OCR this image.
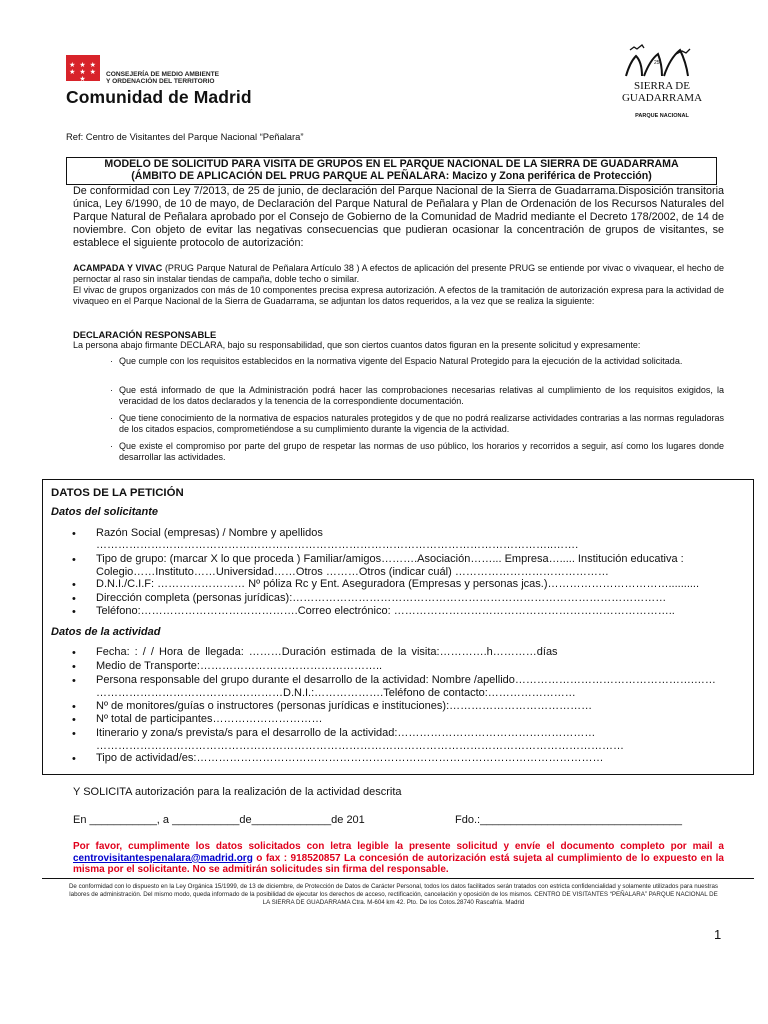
★ ★ ★ ★ ★ ★ ★
CONSEJERÍA DE MEDIO AMBIENTE
Y ORDENACIÓN DEL TERRITORIO
Comunidad de Madrid
25
SIERRA DE
GUADARRAMA
PARQUE NACIONAL
Ref: Centro de Visitantes del Parque Nacional “Peñalara”
MODELO DE SOLICITUD PARA VISITA DE GRUPOS EN EL PARQUE NACIONAL DE LA SIERRA DE GUADARRAMA
(ÁMBITO DE APLICACIÓN DEL PRUG PARQUE AL PEÑALARA: Macizo y Zona periférica de Protección)
De conformidad con Ley 7/2013, de 25 de junio, de declaración del Parque Nacional de la Sierra de Guadarrama.Disposición transitoria única, Ley 6/1990, de 10 de mayo, de Declaración del Parque Natural de Peñalara y Plan de Ordenación de los Recursos Naturales del Parque Natural de Peñalara aprobado por el Consejo de Gobierno de la Comunidad de Madrid mediante el Decreto 178/2002, de 14 de noviembre. Con objeto de evitar las negativas consecuencias que pudieran ocasionar la concentración de grupos de visitantes, se establece el siguiente protocolo de autorización:
ACAMPADA Y VIVAC (PRUG Parque Natural de Peñalara Artículo 38 ) A efectos de aplicación del presente PRUG se entiende por vivac o vivaquear, el hecho de pernoctar al raso sin instalar tiendas de campaña, doble techo o similar.
El vivac de grupos organizados con más de 10 componentes precisa expresa autorización. A efectos de la tramitación de autorización expresa para la actividad de vivaqueo en el Parque Nacional de la Sierra de Guadarrama, se adjuntan los datos requeridos, a la vez que se realiza la siguiente:
DECLARACIÓN RESPONSABLE
La persona abajo firmante DECLARA, bajo su responsabilidad, que son ciertos cuantos datos figuran en la presente solicitud y expresamente:
· Que cumple con los requisitos establecidos en la normativa vigente del Espacio Natural Protegido para la ejecución de la actividad solicitada.
· Que está informado de que la Administración podrá hacer las comprobaciones necesarias relativas al cumplimiento de los requisitos exigidos, la veracidad de los datos declarados y la tenencia de la correspondiente documentación.
· Que tiene conocimiento de la normativa de espacios naturales protegidos y de que no podrá realizarse actividades contrarias a las normas reguladoras de los citados espacios, comprometiéndose a su cumplimiento durante la vigencia de la actividad.
· Que existe el compromiso por parte del grupo de respetar las normas de uso público, los horarios y recorridos a seguir, así como los lugares donde desarrollar las actividades.
DATOS DE LA PETICIÓN
Datos del solicitante
• Razón Social (empresas) / Nombre y apellidos
……………………………………………………………………………………………………………..…….
• Tipo de grupo: (marcar X lo que proceda ) Familiar/amigos……….Asociación……... Empresa…..... Institución educativa :
Colegio……Instituto……Universidad……Otros ………Otros (indicar cuál) ……………………………………
• D.N.I./C.I.F: …………………… Nº póliza Rc y Ent. Aseguradora (Empresas y personas jcas.)……………………………..........
• Dirección completa (personas jurídicas):…………………………………………………………………………………………
• Teléfono:…………………………………….Correo electrónico: …………………………………………………………………..
Datos de la actividad
• Fecha: : / / Hora de llegada: ………Duración estimada de la visita:………….h…………días
• Medio de Transporte:…………………………………………..
• Persona responsable del grupo durante el desarrollo de la actividad: Nombre /apellido………………………………………….……
……………………………………………D.N.I.:……………….Teléfono de contacto:……………………
• Nº de monitores/guías o instructores (personas jurídicas e instituciones):…………………………………
• Nº total de participantes…………………………
• Itinerario y zona/s prevista/s para el desarrollo de la actividad:………………………………………………
………………………………………………………………………………………………………………………………
• Tipo de actividad/es:…………………………………………………………………………………………………
Y SOLICITA autorización para la realización de la actividad descrita
En ___________, a ___________de_____________de 201	Fdo.:_________________________________
Por favor, cumplimente los datos solicitados con letra legible la presente solicitud y envíe el documento completo por mail a centrovisitantespenalara@madrid.org o fax : 918520857 La concesión de autorización está sujeta al cumplimiento de lo expuesto en la misma por el solicitante. No se admitirán solicitudes sin firma del responsable.
De conformidad con lo dispuesto en la Ley Orgánica 15/1999, de 13 de diciembre, de Protección de Datos de Carácter Personal, todos los datos facilitados serán tratados con estricta confidencialidad y solamente utilizados para nuestras labores de administración. Del mismo modo, queda informado de la posibilidad de ejecutar los derechos de acceso, rectificación, cancelación y oposición de los mismos. CENTRO DE VISITANTES “PEÑALARA” PARQUE NACIONAL DE LA SIERRA DE GUADARRAMA Ctra. M-604 km 42. Pto. De los Cotos.28740 Rascafría. Madrid
1
